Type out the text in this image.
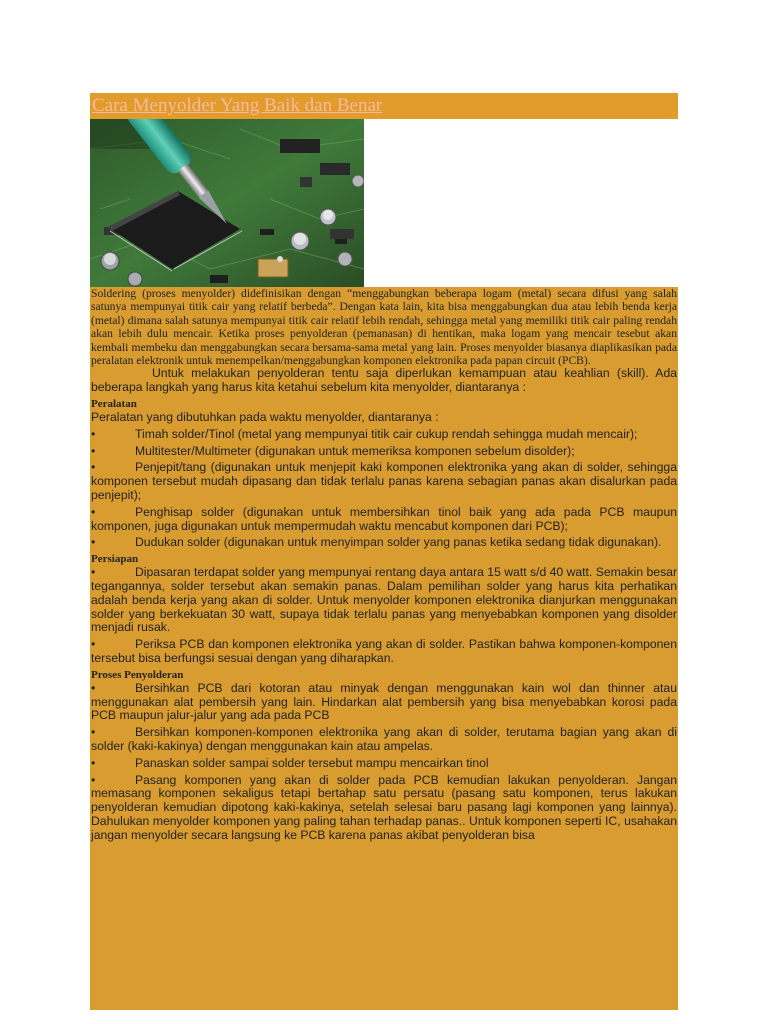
Cara Menyolder Yang Baik dan Benar

Soldering (proses menyolder) didefinisikan dengan “menggabungkan beberapa logam (metal) secara difusi yang salah satunya mempunyai titik cair yang relatif berbeda”. Dengan kata lain, kita bisa menggabungkan dua atau lebih benda kerja (metal) dimana salah satunya mempunyai titik cair relatif lebih rendah, sehingga metal yang memiliki titik cair paling rendah akan lebih dulu mencair. Ketika proses penyolderan (pemanasan) di hentikan, maka logam yang mencair tesebut akan kembali membeku dan menggabungkan secara bersama-sama metal yang lain. Proses menyolder biasanya diaplikasikan pada peralatan elektronik untuk menempelkan/menggabungkan komponen elektronika pada papan circuit (PCB).

Untuk melakukan penyolderan tentu saja diperlukan kemampuan atau keahlian (skill). Ada beberapa langkah yang harus kita ketahui sebelum kita menyolder, diantaranya :

Peralatan

Peralatan yang dibutuhkan pada waktu menyolder, diantaranya :

•	Timah solder/Tinol (metal yang mempunyai titik cair cukup rendah sehingga mudah mencair);
•	Multitester/Multimeter (digunakan untuk memeriksa komponen sebelum disolder);
•	Penjepit/tang (digunakan untuk menjepit kaki komponen elektronika yang akan di solder, sehingga komponen tersebut mudah dipasang dan tidak terlalu panas karena sebagian panas akan disalurkan pada penjepit);
•	Penghisap solder (digunakan untuk membersihkan tinol baik yang ada pada PCB maupun komponen, juga digunakan untuk mempermudah waktu mencabut komponen dari PCB);
•	Dudukan solder (digunakan untuk menyimpan solder yang panas ketika sedang tidak digunakan).
Persiapan
•	Dipasaran terdapat solder yang mempunyai rentang daya antara 15 watt s/d 40 watt. Semakin besar tegangannya, solder tersebut akan semakin panas. Dalam pemilihan solder yang harus kita perhatikan adalah benda kerja yang akan di solder. Untuk menyolder komponen elektronika dianjurkan menggunakan solder yang berkekuatan 30 watt, supaya tidak terlalu panas yang menyebabkan komponen yang disolder menjadi rusak.
•	Periksa PCB dan komponen elektronika yang akan di solder. Pastikan bahwa komponen-komponen tersebut bisa berfungsi sesuai dengan yang diharapkan.
Proses Penyolderan
•	Bersihkan PCB dari kotoran atau minyak dengan menggunakan kain wol dan thinner atau menggunakan alat pembersih yang lain. Hindarkan alat pembersih yang bisa menyebabkan korosi pada PCB maupun jalur-jalur yang ada pada PCB
•	Bersihkan komponen-komponen elektronika yang akan di solder, terutama bagian yang akan di solder (kaki-kakinya) dengan menggunakan kain atau ampelas.
•	Panaskan solder sampai solder tersebut mampu mencairkan tinol
•	Pasang komponen yang akan di solder pada PCB kemudian lakukan penyolderan. Jangan memasang komponen sekaligus tetapi bertahap satu persatu (pasang satu komponen, terus lakukan penyolderan kemudian dipotong kaki-kakinya, setelah selesai baru pasang lagi komponen yang lainnya). Dahulukan menyolder komponen yang paling tahan terhadap panas.. Untuk komponen seperti IC, usahakan jangan menyolder secara langsung ke PCB karena panas akibat penyolderan bisa
